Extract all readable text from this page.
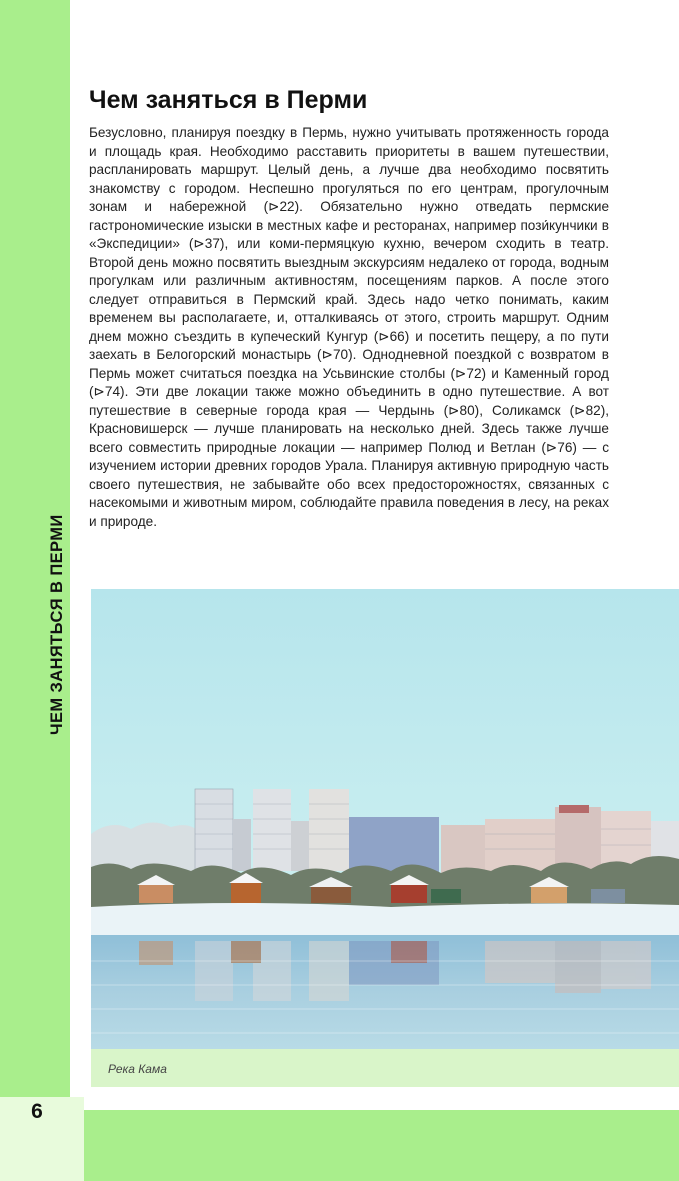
ЧЕМ ЗАНЯТЬСЯ В ПЕРМИ
Чем заняться в Перми

Безусловно, планируя поездку в Пермь, нужно учитывать протяженность города и площадь края. Необходимо расставить приоритеты в вашем путешествии, распланировать маршрут. Целый день, а лучше два необходимо посвятить знакомству с городом. Неспешно прогуляться по его центрам, прогулочным зонам и набережной (⊳22). Обязательно нужно отведать пермские гастрономические изыски в местных кафе и ресторанах, например пози́кунчики в «Экспедиции» (⊳37), или коми-пермяцкую кухню, вечером сходить в театр. Второй день можно посвятить выездным экскурсиям недалеко от города, водным прогулкам или различным активностям, посещениям парков. А после этого следует отправиться в Пермский край. Здесь надо четко понимать, каким временем вы располагаете, и, отталкиваясь от этого, строить маршрут. Одним днем можно съездить в купеческий Кунгур (⊳66) и посетить пещеру, а по пути заехать в Белогорский монастырь (⊳70). Однодневной поездкой с возвратом в Пермь может считаться поездка на Усьвинские столбы (⊳72) и Каменный город (⊳74). Эти две локации также можно объединить в одно путешествие. А вот путешествие в северные города края — Чердынь (⊳80), Соликамск (⊳82), Красновишерск — лучше планировать на несколько дней. Здесь также лучше всего совместить природные локации — например Полюд и Ветлан (⊳76) — с изучением истории древних городов Урала. Планируя активную природную часть своего путешествия, не забывайте обо всех предосторожностях, связанных с насекомыми и животным миром, соблюдайте правила поведения в лесу, на реках и природе.

Река Кама
6
